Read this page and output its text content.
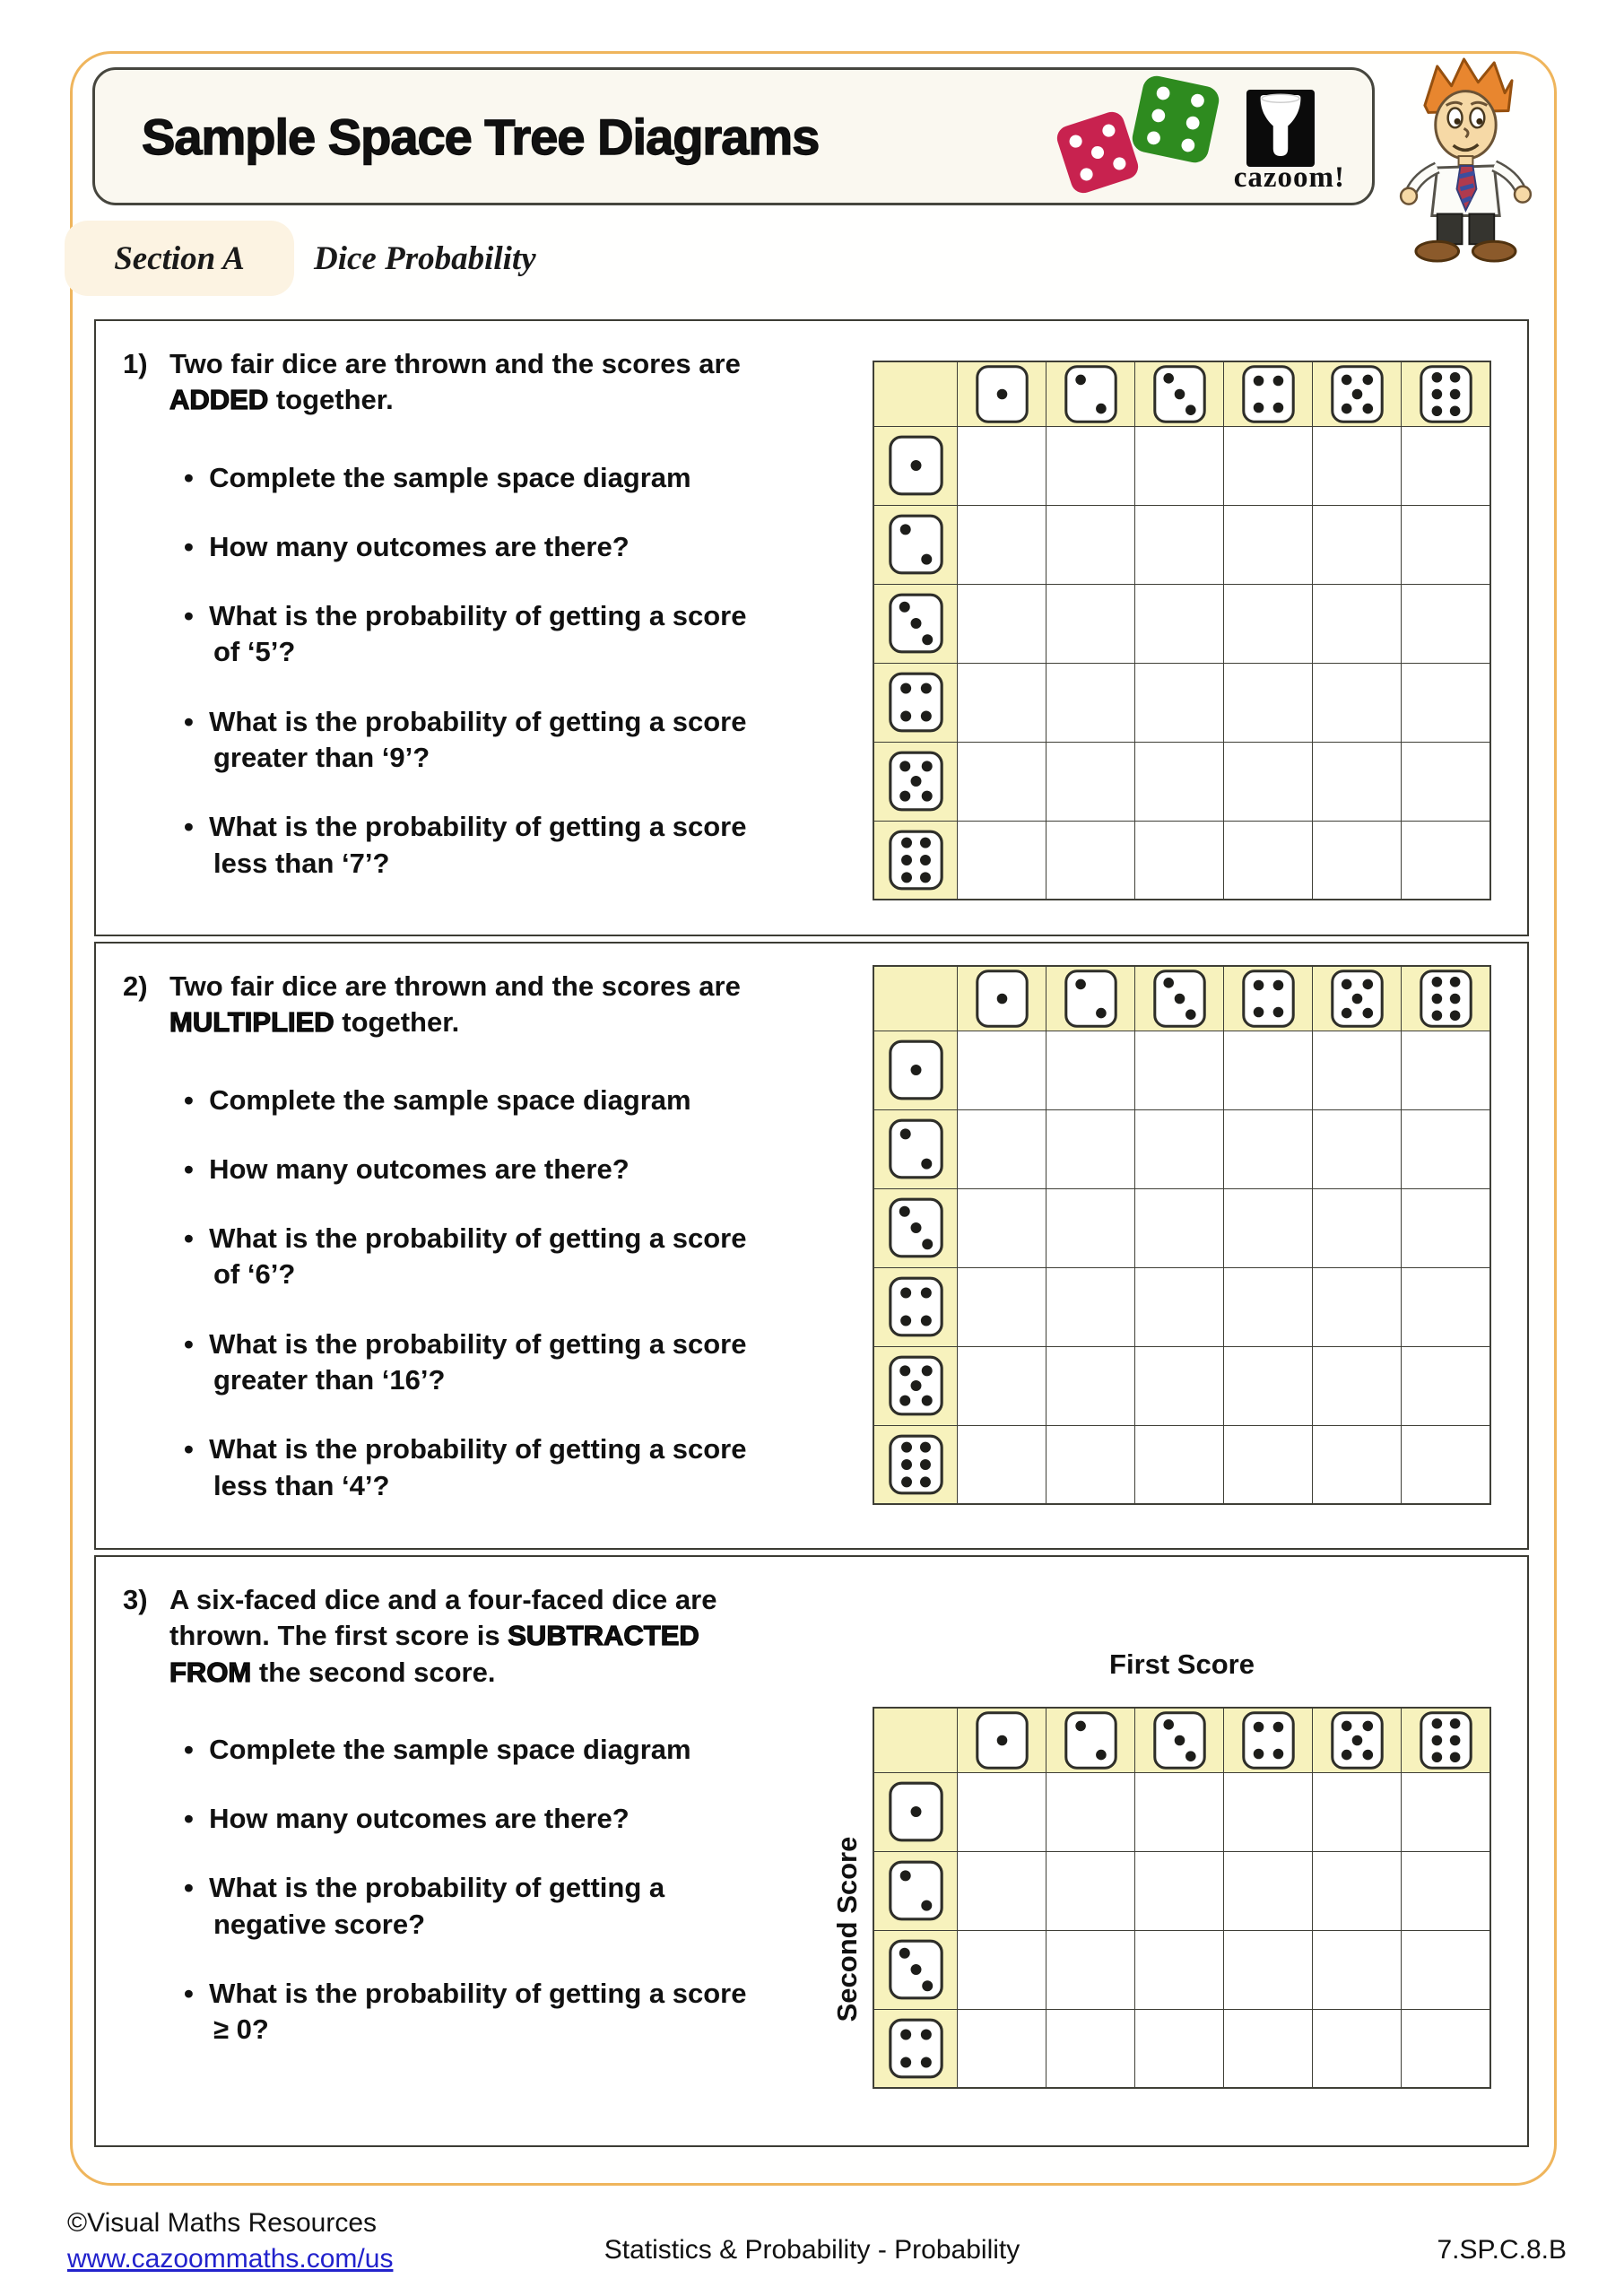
Sample Space Tree Diagrams
cazoom!
Section A Dice Probability
1) Two fair dice are thrown and the scores are ADDED together.
•  Complete the sample space diagram
•  How many outcomes are there?
•  What is the probability of getting a score of ‘5’?
•  What is the probability of getting a score greater than ‘9’?
•  What is the probability of getting a score less than ‘7’?

2) Two fair dice are thrown and the scores are MULTIPLIED together.
•  Complete the sample space diagram
•  How many outcomes are there?
•  What is the probability of getting a score of ‘6’?
•  What is the probability of getting a score greater than ‘16’?
•  What is the probability of getting a score less than ‘4’?

3) A six-faced dice and a four-faced dice are thrown. The first score is SUBTRACTED FROM the second score.
•  Complete the sample space diagram
•  How many outcomes are there?
•  What is the probability of getting a negative score?
•  What is the probability of getting a score ≥ 0?
First Score
Second Score

©Visual Maths Resources
www.cazoommaths.com/us	Statistics & Probability - Probability	7.SP.C.8.B
